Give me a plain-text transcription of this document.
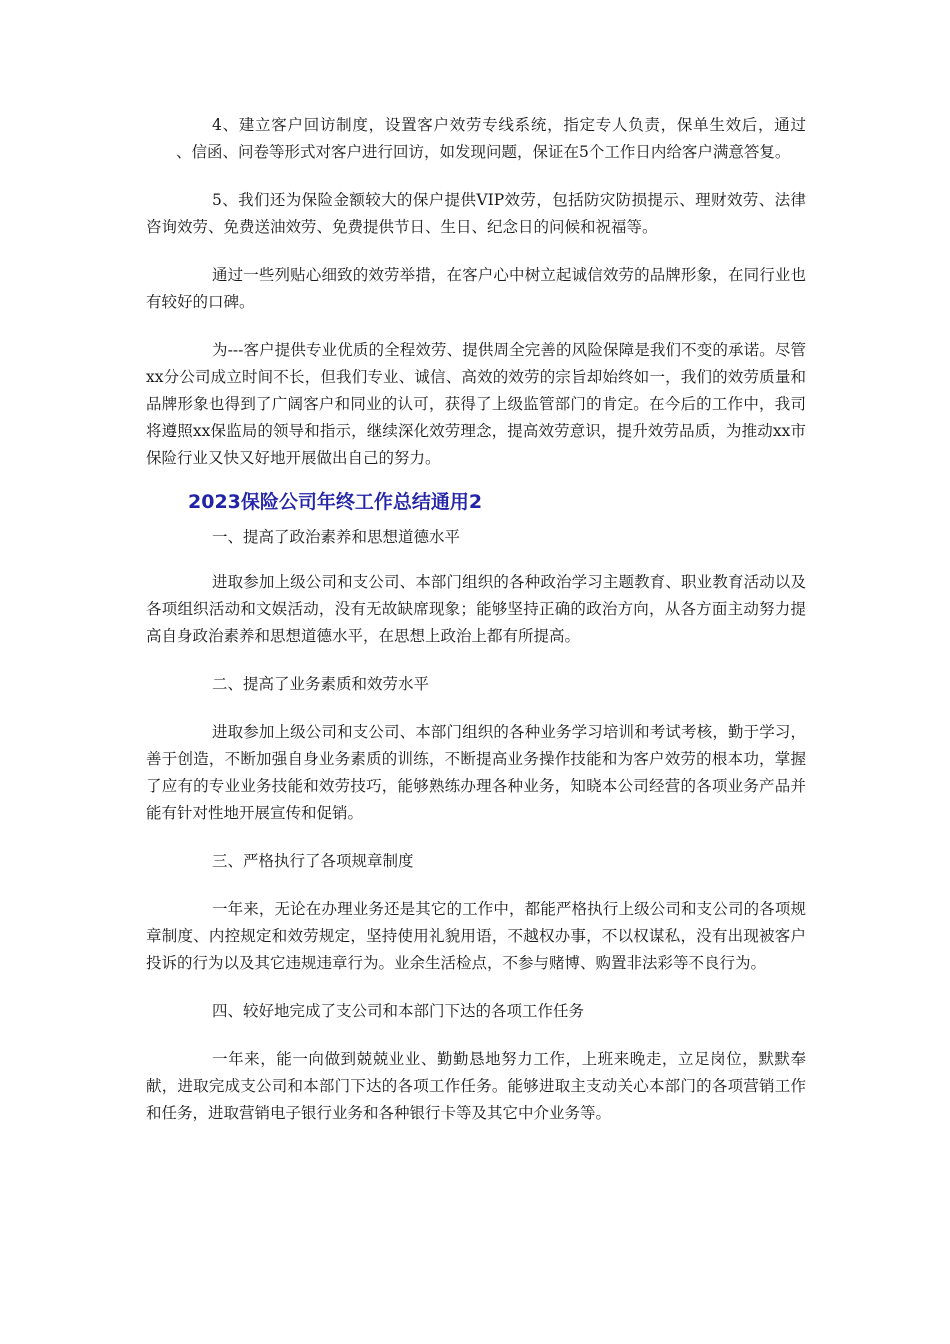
4、建立客户回访制度，设置客户效劳专线系统，指定专人负责，保单生效后，通过、信函、问卷等形式对客户进行回访，如发现问题，保证在5个工作日内给客户满意答复。

5、我们还为保险金额较大的保户提供VIP效劳，包括防灾防损提示、理财效劳、法律咨询效劳、免费送油效劳、免费提供节日、生日、纪念日的问候和祝福等。

通过一些列贴心细致的效劳举措，在客户心中树立起诚信效劳的品牌形象，在同行业也有较好的口碑。

为---客户提供专业优质的全程效劳、提供周全完善的风险保障是我们不变的承诺。尽管xx分公司成立时间不长，但我们专业、诚信、高效的效劳的宗旨却始终如一，我们的效劳质量和品牌形象也得到了广阔客户和同业的认可，获得了上级监管部门的肯定。在今后的工作中，我司将遵照xx保监局的领导和指示，继续深化效劳理念，提高效劳意识，提升效劳品质，为推动xx市保险行业又快又好地开展做出自己的努力。

2023保险公司年终工作总结通用2

一、提高了政治素养和思想道德水平

进取参加上级公司和支公司、本部门组织的各种政治学习主题教育、职业教育活动以及各项组织活动和文娱活动，没有无故缺席现象；能够坚持正确的政治方向，从各方面主动努力提高自身政治素养和思想道德水平，在思想上政治上都有所提高。

二、提高了业务素质和效劳水平

进取参加上级公司和支公司、本部门组织的各种业务学习培训和考试考核，勤于学习，善于创造，不断加强自身业务素质的训练，不断提高业务操作技能和为客户效劳的根本功，掌握了应有的专业业务技能和效劳技巧，能够熟练办理各种业务，知晓本公司经营的各项业务产品并能有针对性地开展宣传和促销。

三、严格执行了各项规章制度

一年来，无论在办理业务还是其它的工作中，都能严格执行上级公司和支公司的各项规章制度、内控规定和效劳规定，坚持使用礼貌用语，不越权办事，不以权谋私，没有出现被客户投诉的行为以及其它违规违章行为。业余生活检点，不参与赌博、购置非法彩等不良行为。

四、较好地完成了支公司和本部门下达的各项工作任务

一年来，能一向做到兢兢业业、勤勤恳地努力工作，上班来晚走，立足岗位，默默奉献，进取完成支公司和本部门下达的各项工作任务。能够进取主支动关心本部门的各项营销工作和任务，进取营销电子银行业务和各种银行卡等及其它中介业务等。
